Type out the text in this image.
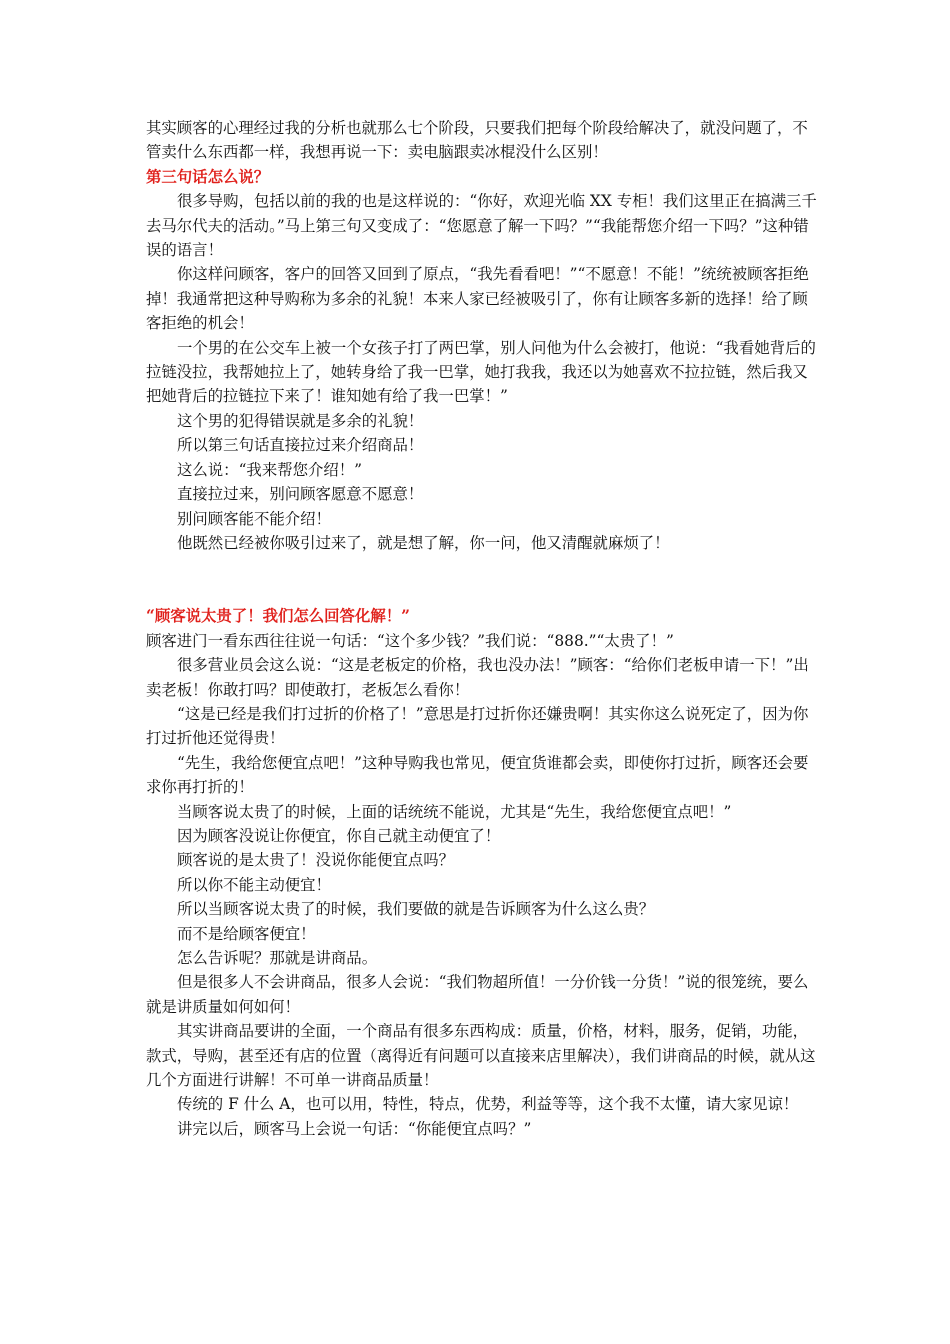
其实顾客的心理经过我的分析也就那么七个阶段，只要我们把每个阶段给解决了，就没问题了，不管卖什么东西都一样，我想再说一下：卖电脑跟卖冰棍没什么区别！

第三句话怎么说？

很多导购，包括以前的我的也是这样说的：“你好，欢迎光临 XX 专柜！我们这里正在搞满三千去马尔代夫的活动。”马上第三句又变成了：“您愿意了解一下吗？”“我能帮您介绍一下吗？”这种错误的语言！

你这样问顾客，客户的回答又回到了原点，“我先看看吧！”“不愿意！不能！”统统被顾客拒绝掉！我通常把这种导购称为多余的礼貌！本来人家已经被吸引了，你有让顾客多新的选择！给了顾客拒绝的机会！

一个男的在公交车上被一个女孩子打了两巴掌，别人问他为什么会被打，他说：“我看她背后的拉链没拉，我帮她拉上了，她转身给了我一巴掌，她打我我，我还以为她喜欢不拉拉链，然后我又把她背后的拉链拉下来了！谁知她有给了我一巴掌！”

这个男的犯得错误就是多余的礼貌！

所以第三句话直接拉过来介绍商品！

这么说：“我来帮您介绍！”

直接拉过来，别问顾客愿意不愿意！

别问顾客能不能介绍！

他既然已经被你吸引过来了，就是想了解，你一问，他又清醒就麻烦了！

“顾客说太贵了！我们怎么回答化解！”

顾客进门一看东西往往说一句话：“这个多少钱？”我们说：“888.”“太贵了！”

很多营业员会这么说：“这是老板定的价格，我也没办法！”顾客：“给你们老板申请一下！”出卖老板！你敢打吗？即使敢打，老板怎么看你！

“这是已经是我们打过折的价格了！”意思是打过折你还嫌贵啊！其实你这么说死定了，因为你打过折他还觉得贵！

“先生，我给您便宜点吧！”这种导购我也常见，便宜货谁都会卖，即使你打过折，顾客还会要求你再打折的！

当顾客说太贵了的时候，上面的话统统不能说，尤其是“先生，我给您便宜点吧！”

因为顾客没说让你便宜，你自己就主动便宜了！

顾客说的是太贵了！没说你能便宜点吗？

所以你不能主动便宜！

所以当顾客说太贵了的时候，我们要做的就是告诉顾客为什么这么贵？

而不是给顾客便宜！

怎么告诉呢？那就是讲商品。

但是很多人不会讲商品，很多人会说：“我们物超所值！一分价钱一分货！”说的很笼统，要么就是讲质量如何如何！

其实讲商品要讲的全面，一个商品有很多东西构成：质量，价格，材料，服务，促销，功能，款式，导购，甚至还有店的位置（离得近有问题可以直接来店里解决），我们讲商品的时候，就从这几个方面进行讲解！不可单一讲商品质量！

传统的 F 什么 A，也可以用，特性，特点，优势，利益等等，这个我不太懂，请大家见谅！

讲完以后，顾客马上会说一句话：“你能便宜点吗？”
